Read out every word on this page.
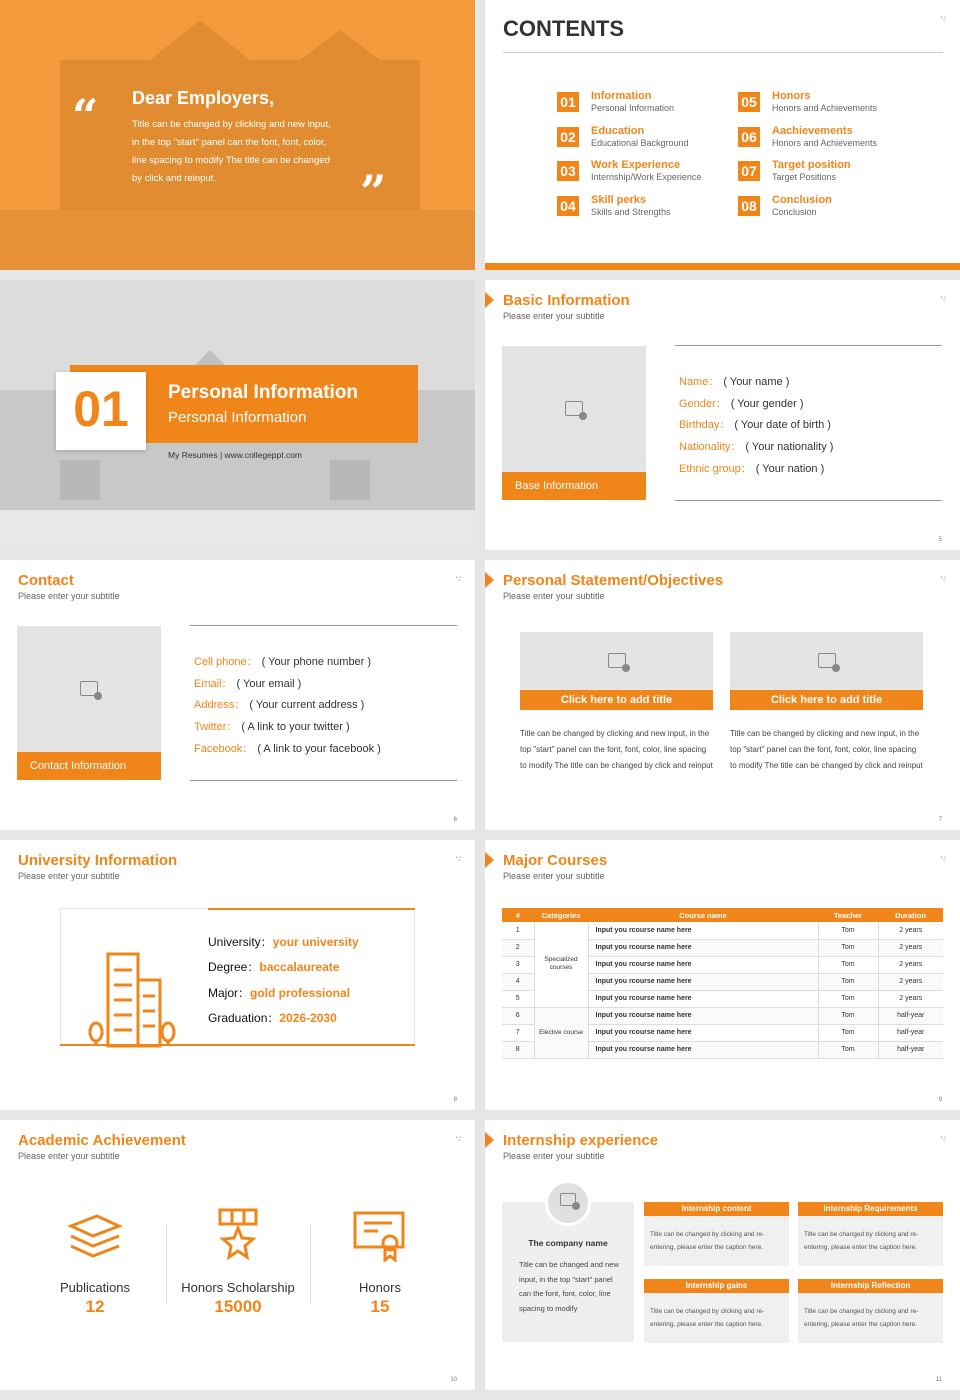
“ Dear Employers,
Title can be changed by clicking and new input, in the top "start" panel can the font, font, color, line spacing to modify The title can be changed by click and reinput.	”
CONTENTS	▲ ▪▪
▪▪▪
01 Information
Personal Information
02 Education
Educational Background
03 Work Experience
Internship/Work Experience
04 Skill perks
Skills and Strengths
05 Honors
Honors and Achievements
06 Aachievements
Honors and Achievements
07 Target position
Target Positions
08 Conclusion
Conclusion
01	Personal Information
Personal Information
My Resumes | www.collegeppt.com
Basic Information
Please enter your subtitle
▲ ▪▪
▪▪▪
Base Information
Name： ( Your name )
Gender： ( Your gender )
Birthday： ( Your date of birth )
Nationality： ( Your nationality )
Ethnic group： ( Your nation )
5
Contact
Please enter your subtitle
▲ ▪▪
▪▪▪
Contact Information
Cell phone： ( Your phone number )
Email： ( Your email )
Address： ( Your current address )
Twitter： ( A link to your twitter )
Facebook： ( A link to your facebook )
6
Personal Statement/Objectives
Please enter your subtitle
▲ ▪▪
▪▪▪
Click here to add title
Title can be changed by clicking and new input, in the top "start" panel can the font, font, color, line spacing to modify The title can be changed by click and reinput
Click here to add title
Title can be changed by clicking and new input, in the top "start" panel can the font, font, color, line spacing to modify The title can be changed by click and reinput
7
University Information
Please enter your subtitle
▲ ▪▪
▪▪▪
University：your university
Degree：baccalaureate
Major：gold professional
Graduation：2026-2030
8
Major Courses
Please enter your subtitle
▲ ▪▪
▪▪▪
#	Categories	Course name	Teacher	Duration
1	Specialized courses	Input you rcourse name here	Tom	2 years
2		Input you rcourse name here	Tom	2 years
3		Input you rcourse name here	Tom	2 years
4		Input you rcourse name here	Tom	2 years
5		Input you rcourse name here	Tom	2 years
6	Elective course	Input you rcourse name here	Tom	half-year
7		Input you rcourse name here	Tom	half-year
8		Input you rcourse name here	Tom	half-year
9
Academic Achievement
Please enter your subtitle
▲ ▪▪
▪▪▪
Publications
12
Honors Scholarship
15000
Honors
15
10
Internship experience
Please enter your subtitle
▲ ▪▪
▪▪▪
The company name
Title can be changed and new input, in the top "start" panel can the font, font, color, line spacing to modify
Internship content
Title can be changed by clicking and re-entering, please enter the caption here.
Internship Requirements
Title can be changed by clicking and re-entering, please enter the caption here.
Internship gains
Title can be changed by clicking and re-entering, please enter the caption here.
Internship Reflection
Title can be changed by clicking and re-entering, please enter the caption here.
11
